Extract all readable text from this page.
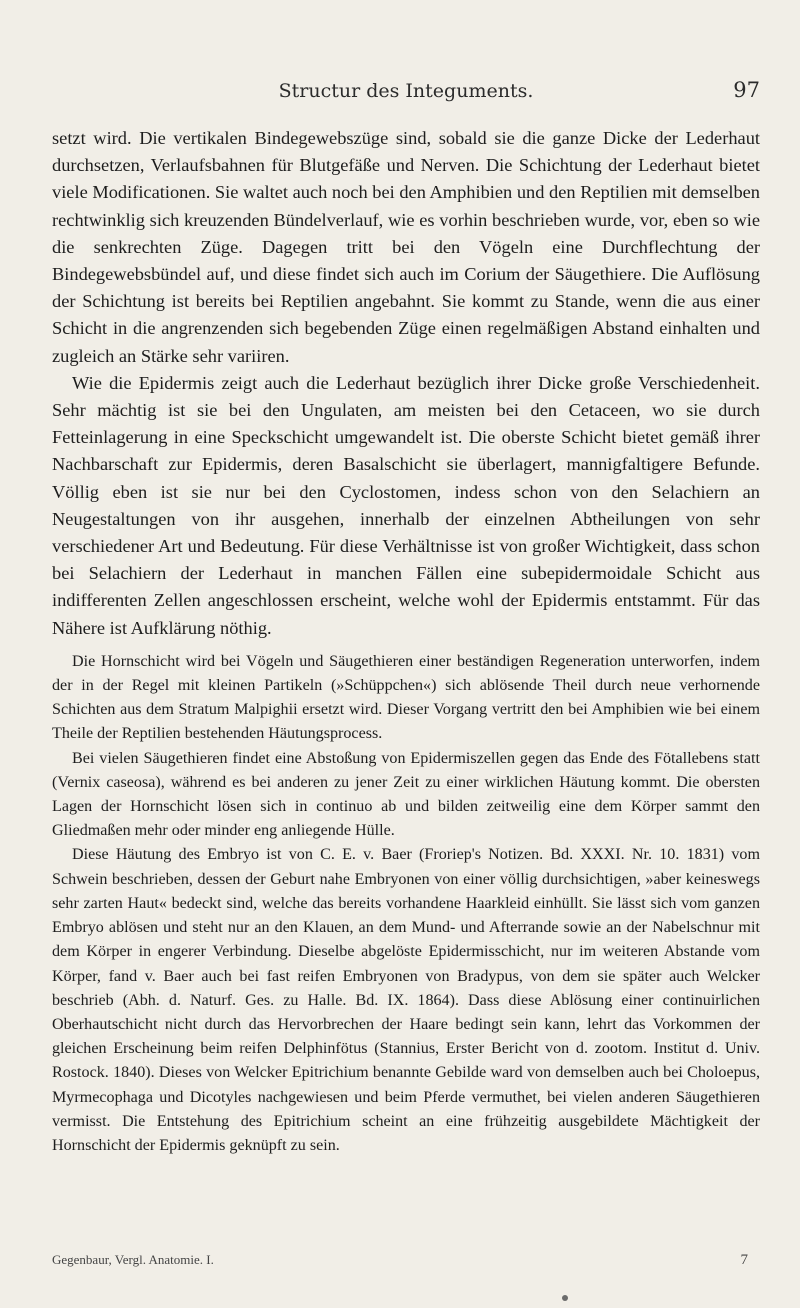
Structur des Integuments.	97

setzt wird. Die vertikalen Bindegewebszüge sind, sobald sie die ganze Dicke der Lederhaut durchsetzen, Verlaufsbahnen für Blutgefäße und Nerven. Die Schichtung der Lederhaut bietet viele Modificationen. Sie waltet auch noch bei den Amphibien und den Reptilien mit demselben rechtwinklig sich kreuzenden Bündelverlauf, wie es vorhin beschrieben wurde, vor, eben so wie die senkrechten Züge. Dagegen tritt bei den Vögeln eine Durchflechtung der Bindegewebsbündel auf, und diese findet sich auch im Corium der Säugethiere. Die Auflösung der Schichtung ist bereits bei Reptilien angebahnt. Sie kommt zu Stande, wenn die aus einer Schicht in die angrenzenden sich begebenden Züge einen regelmäßigen Abstand einhalten und zugleich an Stärke sehr variiren.

Wie die Epidermis zeigt auch die Lederhaut bezüglich ihrer Dicke große Verschiedenheit. Sehr mächtig ist sie bei den Ungulaten, am meisten bei den Cetaceen, wo sie durch Fetteinlagerung in eine Speckschicht umgewandelt ist. Die oberste Schicht bietet gemäß ihrer Nachbarschaft zur Epidermis, deren Basalschicht sie überlagert, mannigfaltigere Befunde. Völlig eben ist sie nur bei den Cyclostomen, indess schon von den Selachiern an Neugestaltungen von ihr ausgehen, innerhalb der einzelnen Abtheilungen von sehr verschiedener Art und Bedeutung. Für diese Verhältnisse ist von großer Wichtigkeit, dass schon bei Selachiern der Lederhaut in manchen Fällen eine subepidermoidale Schicht aus indifferenten Zellen angeschlossen erscheint, welche wohl der Epidermis entstammt. Für das Nähere ist Aufklärung nöthig.

Die Hornschicht wird bei Vögeln und Säugethieren einer beständigen Regeneration unterworfen, indem der in der Regel mit kleinen Partikeln (»Schüppchen«) sich ablösende Theil durch neue verhornende Schichten aus dem Stratum Malpighii ersetzt wird. Dieser Vorgang vertritt den bei Amphibien wie bei einem Theile der Reptilien bestehenden Häutungsprocess.

Bei vielen Säugethieren findet eine Abstoßung von Epidermiszellen gegen das Ende des Fötallebens statt (Vernix caseosa), während es bei anderen zu jener Zeit zu einer wirklichen Häutung kommt. Die obersten Lagen der Hornschicht lösen sich in continuo ab und bilden zeitweilig eine dem Körper sammt den Gliedmaßen mehr oder minder eng anliegende Hülle.

Diese Häutung des Embryo ist von C. E. v. Baer (Froriep's Notizen. Bd. XXXI. Nr. 10. 1831) vom Schwein beschrieben, dessen der Geburt nahe Embryonen von einer völlig durchsichtigen, »aber keineswegs sehr zarten Haut« bedeckt sind, welche das bereits vorhandene Haarkleid einhüllt. Sie lässt sich vom ganzen Embryo ablösen und steht nur an den Klauen, an dem Mund- und Afterrande sowie an der Nabelschnur mit dem Körper in engerer Verbindung. Dieselbe abgelöste Epidermisschicht, nur im weiteren Abstande vom Körper, fand v. Baer auch bei fast reifen Embryonen von Bradypus, von dem sie später auch Welcker beschrieb (Abh. d. Naturf. Ges. zu Halle. Bd. IX. 1864). Dass diese Ablösung einer continuirlichen Oberhautschicht nicht durch das Hervorbrechen der Haare bedingt sein kann, lehrt das Vorkommen der gleichen Erscheinung beim reifen Delphinfötus (Stannius, Erster Bericht von d. zootom. Institut d. Univ. Rostock. 1840). Dieses von Welcker Epitrichium benannte Gebilde ward von demselben auch bei Choloepus, Myrmecophaga und Dicotyles nachgewiesen und beim Pferde vermuthet, bei vielen anderen Säugethieren vermisst. Die Entstehung des Epitrichium scheint an eine frühzeitig ausgebildete Mächtigkeit der Hornschicht der Epidermis geknüpft zu sein.

Gegenbaur, Vergl. Anatomie. I.	7
